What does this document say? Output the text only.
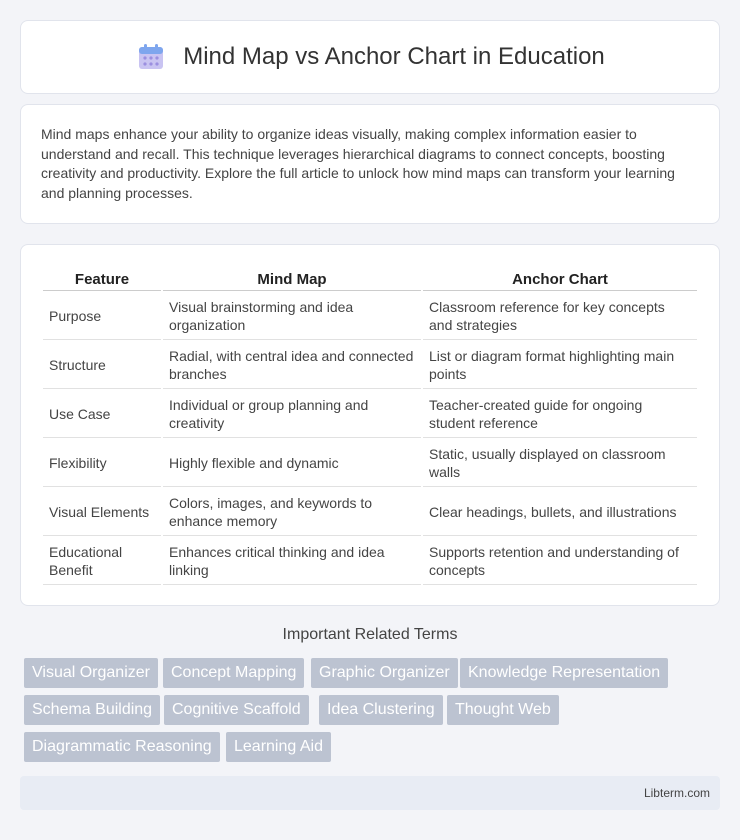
Mind Map vs Anchor Chart in Education

Mind maps enhance your ability to organize ideas visually, making complex information easier to understand and recall. This technique leverages hierarchical diagrams to connect concepts, boosting creativity and productivity. Explore the full article to unlock how mind maps can transform your learning and planning processes.

Feature	Mind Map	Anchor Chart
Purpose	Visual brainstorming and idea organization	Classroom reference for key concepts and strategies
Structure	Radial, with central idea and connected branches	List or diagram format highlighting main points
Use Case	Individual or group planning and creativity	Teacher-created guide for ongoing student reference
Flexibility	Highly flexible and dynamic	Static, usually displayed on classroom walls
Visual Elements	Colors, images, and keywords to enhance memory	Clear headings, bullets, and illustrations
Educational Benefit	Enhances critical thinking and idea linking	Supports retention and understanding of concepts
Important Related Terms
Visual Organizer	Concept Mapping	Graphic Organizer	Knowledge Representation
Schema Building	Cognitive Scaffold	Idea Clustering	Thought Web
Diagrammatic Reasoning	Learning Aid
Libterm.com
